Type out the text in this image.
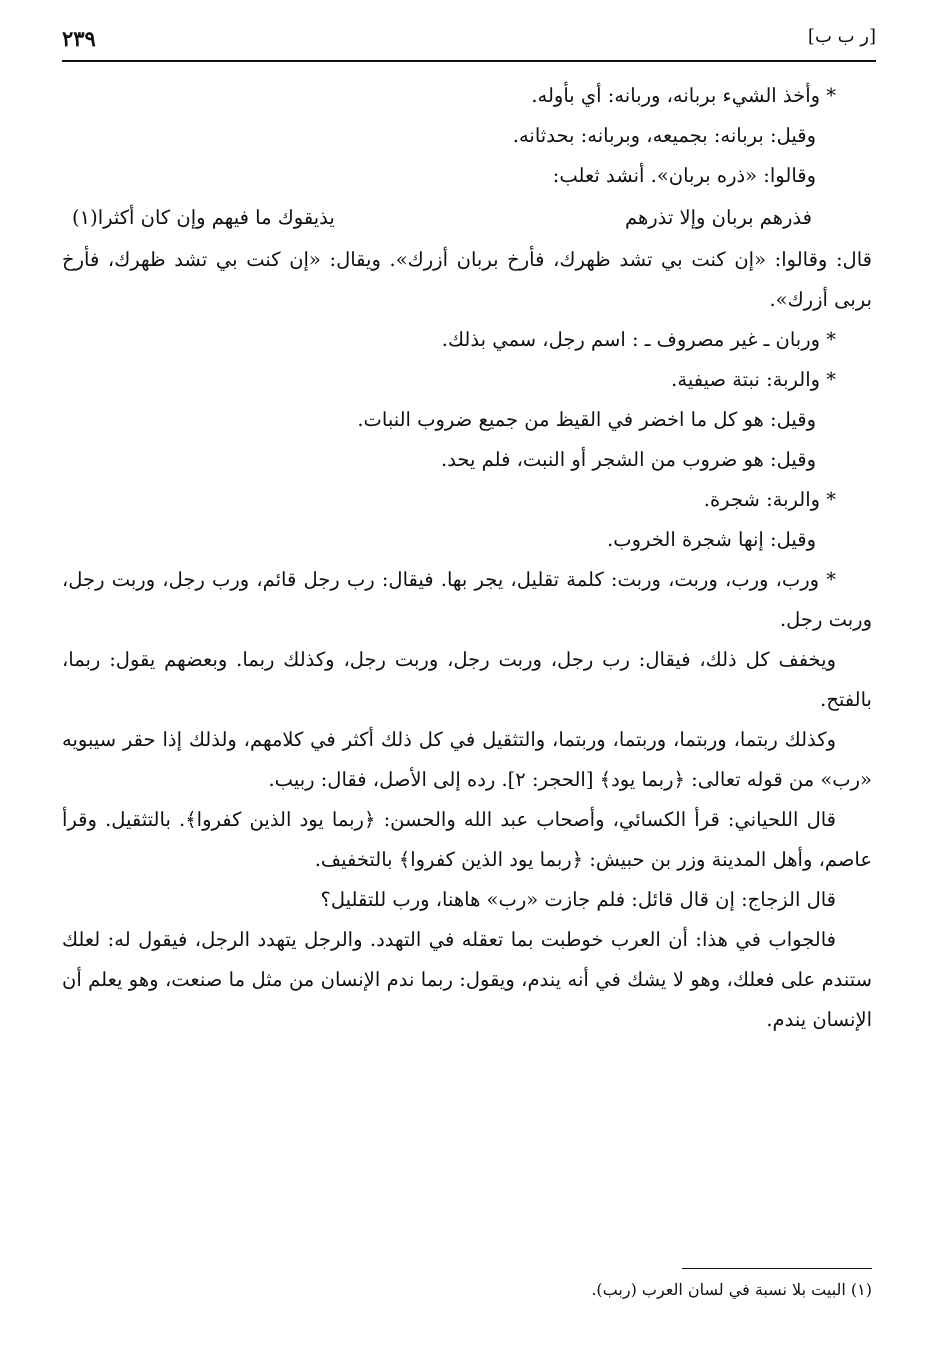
[ر ب ب]
٢٣٩

* وأخذ الشيء بربانه، وربانه: أي بأوله.

وقيل: بربانه: بجميعه، وبربانه: بحدثانه.

وقالوا: «ذره بربان». أنشد ثعلب:

فذرهم بربان وإلا تذرهم
يذيقوك ما فيهم وإن كان أكثرا(١)

قال: وقالوا: «إن كنت بي تشد ظهرك، فأرخ بربان أزرك». ويقال: «إن كنت بي تشد ظهرك، فأرخ بربى أزرك».

* وربان ـ غير مصروف ـ : اسم رجل، سمي بذلك.

* والربة: نبتة صيفية.

وقيل: هو كل ما اخضر في القيظ من جميع ضروب النبات.

وقيل: هو ضروب من الشجر أو النبت، فلم يحد.

* والربة: شجرة.

وقيل: إنها شجرة الخروب.

* ورب، ورب، وربت، وربت: كلمة تقليل، يجر بها. فيقال: رب رجل قائم، ورب رجل، وربت رجل، وربت رجل.

ويخفف كل ذلك، فيقال: رب رجل، وربت رجل، وربت رجل، وكذلك ربما. وبعضهم يقول: ربما، بالفتح.

وكذلك ربتما، وربتما، وربتما، وربتما، والتثقيل في كل ذلك أكثر في كلامهم، ولذلك إذا حقر سيبويه «رب» من قوله تعالى: ﴿ربما يود﴾ [الحجر: ٢]. رده إلى الأصل، فقال: ربيب.

قال اللحياني: قرأ الكسائي، وأصحاب عبد الله والحسن: ﴿ربما يود الذين كفروا﴾. بالتثقيل. وقرأ عاصم، وأهل المدينة وزر بن حبيش: ﴿ربما يود الذين كفروا﴾ بالتخفيف.

قال الزجاج: إن قال قائل: فلم جازت «رب» هاهنا، ورب للتقليل؟

فالجواب في هذا: أن العرب خوطبت بما تعقله في التهدد. والرجل يتهدد الرجل، فيقول له: لعلك ستندم على فعلك، وهو لا يشك في أنه يندم، ويقول: ربما ندم الإنسان من مثل ما صنعت، وهو يعلم أن الإنسان يندم.

(١) البيت بلا نسبة في لسان العرب (ربب).
